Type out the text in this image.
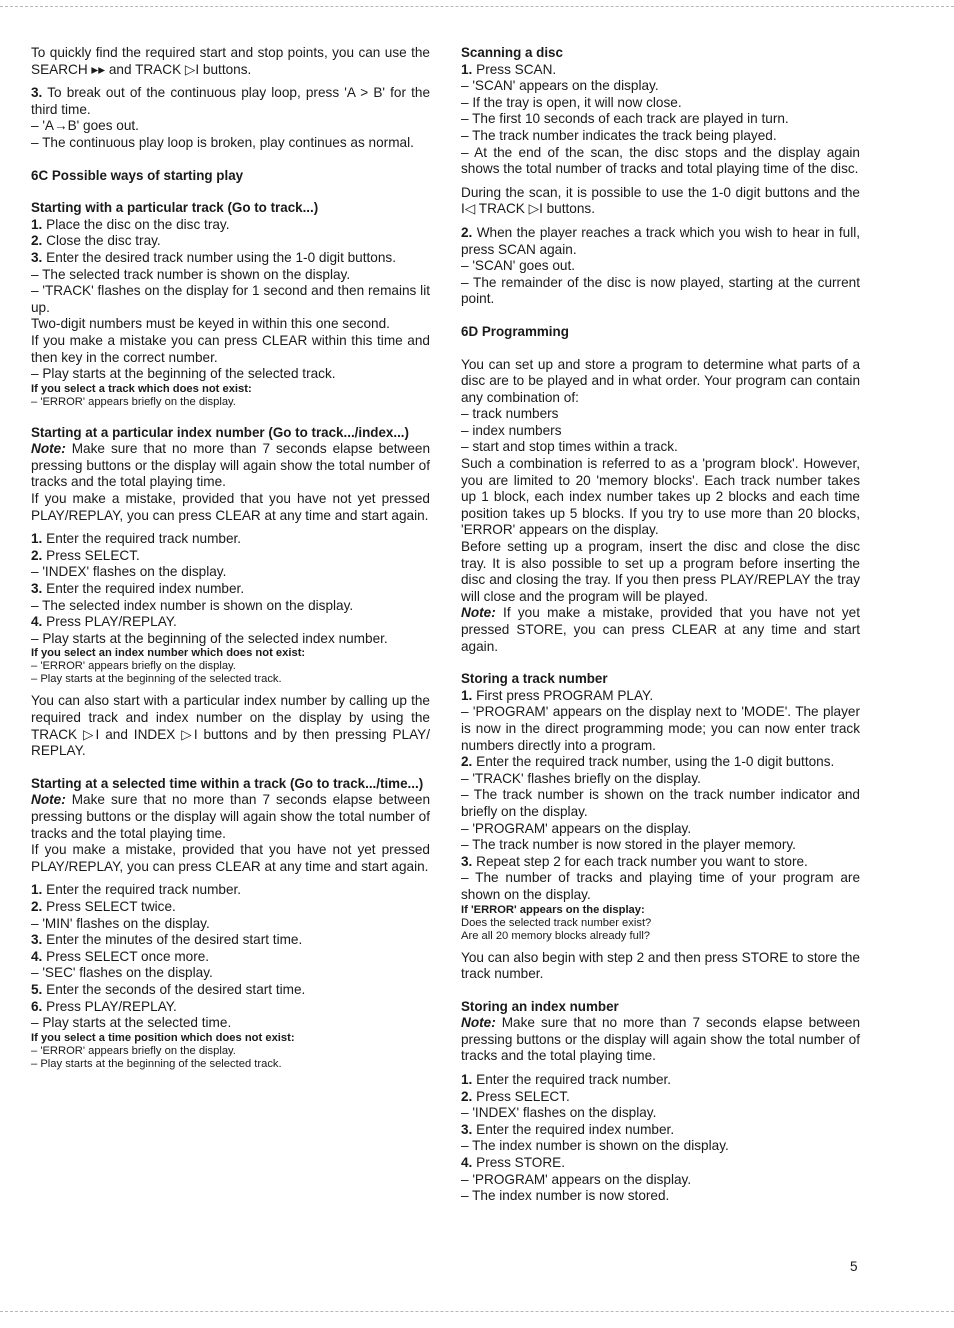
To quickly find the required start and stop points, you can use the SEARCH ▸▸ and TRACK ▷I buttons.

3. To break out of the continuous play loop, press 'A > B' for the third time.

– 'A→B' goes out.

– The continuous play loop is broken, play continues as normal.

6C Possible ways of starting play

Starting with a particular track (Go to track...)

1. Place the disc on the disc tray.

2. Close the disc tray.

3. Enter the desired track number using the 1-0 digit buttons.

– The selected track number is shown on the display.

– 'TRACK' flashes on the display for 1 second and then remains lit up.

Two-digit numbers must be keyed in within this one second.

If you make a mistake you can press CLEAR within this time and then key in the correct number.

– Play starts at the beginning of the selected track.

If you select a track which does not exist:

– 'ERROR' appears briefly on the display.

Starting at a particular index number (Go to track.../index...)

Note: Make sure that no more than 7 seconds elapse between pressing buttons or the display will again show the total number of tracks and the total playing time.

If you make a mistake, provided that you have not yet pressed PLAY/REPLAY, you can press CLEAR at any time and start again.

1. Enter the required track number.

2. Press SELECT.

– 'INDEX' flashes on the display.

3. Enter the required index number.

– The selected index number is shown on the display.

4. Press PLAY/REPLAY.

– Play starts at the beginning of the selected index number.

If you select an index number which does not exist:

– 'ERROR' appears briefly on the display.

– Play starts at the beginning of the selected track.

You can also start with a particular index number by calling up the required track and index number on the display by using the TRACK ▷I and INDEX ▷I buttons and by then pressing PLAY/ REPLAY.

Starting at a selected time within a track (Go to track.../time...)

Note: Make sure that no more than 7 seconds elapse between pressing buttons or the display will again show the total number of tracks and the total playing time.

If you make a mistake, provided that you have not yet pressed PLAY/REPLAY, you can press CLEAR at any time and start again.

1. Enter the required track number.

2. Press SELECT twice.

– 'MIN' flashes on the display.

3. Enter the minutes of the desired start time.

4. Press SELECT once more.

– 'SEC' flashes on the display.

5. Enter the seconds of the desired start time.

6. Press PLAY/REPLAY.

– Play starts at the selected time.

If you select a time position which does not exist:

– 'ERROR' appears briefly on the display.

– Play starts at the beginning of the selected track.

Scanning a disc

1. Press SCAN.

– 'SCAN' appears on the display.

– If the tray is open, it will now close.

– The first 10 seconds of each track are played in turn.

– The track number indicates the track being played.

– At the end of the scan, the disc stops and the display again shows the total number of tracks and total playing time of the disc.

During the scan, it is possible to use the 1-0 digit buttons and the I◁ TRACK ▷I buttons.

2. When the player reaches a track which you wish to hear in full, press SCAN again.

– 'SCAN' goes out.

– The remainder of the disc is now played, starting at the current point.

6D Programming

You can set up and store a program to determine what parts of a disc are to be played and in what order. Your program can contain any combination of:

– track numbers

– index numbers

– start and stop times within a track.

Such a combination is referred to as a 'program block'. However, you are limited to 20 'memory blocks'. Each track number takes up 1 block, each index number takes up 2 blocks and each time position takes up 5 blocks. If you try to use more than 20 blocks, 'ERROR' appears on the display.

Before setting up a program, insert the disc and close the disc tray. It is also possible to set up a program before inserting the disc and closing the tray. If you then press PLAY/REPLAY the tray will close and the program will be played.

Note: If you make a mistake, provided that you have not yet pressed STORE, you can press CLEAR at any time and start again.

Storing a track number

1. First press PROGRAM PLAY.

– 'PROGRAM' appears on the display next to 'MODE'. The player is now in the direct programming mode; you can now enter track numbers directly into a program.

2. Enter the required track number, using the 1-0 digit buttons.

– 'TRACK' flashes briefly on the display.

– The track number is shown on the track number indicator and briefly on the display.

– 'PROGRAM' appears on the display.

– The track number is now stored in the player memory.

3. Repeat step 2 for each track number you want to store.

– The number of tracks and playing time of your program are shown on the display.

If 'ERROR' appears on the display:

Does the selected track number exist?

Are all 20 memory blocks already full?

You can also begin with step 2 and then press STORE to store the track number.

Storing an index number

Note: Make sure that no more than 7 seconds elapse between pressing buttons or the display will again show the total number of tracks and the total playing time.

1. Enter the required track number.

2. Press SELECT.

– 'INDEX' flashes on the display.

3. Enter the required index number.

– The index number is shown on the display.

4. Press STORE.

– 'PROGRAM' appears on the display.

– The index number is now stored.

5
